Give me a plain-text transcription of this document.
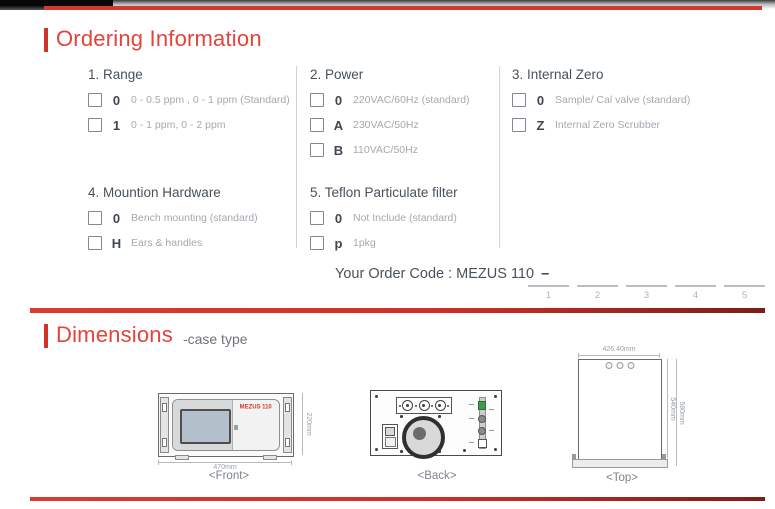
Ordering Information
1. Range
0 0 - 0.5 ppm , 0 - 1 ppm (Standard)
1 0 - 1 ppm, 0 - 2 ppm
2. Power
0 220VAC/60Hz (standard)
A 230VAC/50Hz
B 110VAC/50Hz
3. Internal Zero
0 Sample/ Cal valve (standard)
Z Internal Zero Scrubber
4. Mountion Hardware
0 Bench mounting (standard)
H Ears & handles
5. Teflon Particulate filter
0 Not Include (standard)
p 1pkg
Your Order Code : MEZUS 110 –
1	2	3	4	5
Dimensions -case type
MEZUS 110
470mm
220mm
<Front>	<Back>
426.40mm
540mm 580mm
<Top>
